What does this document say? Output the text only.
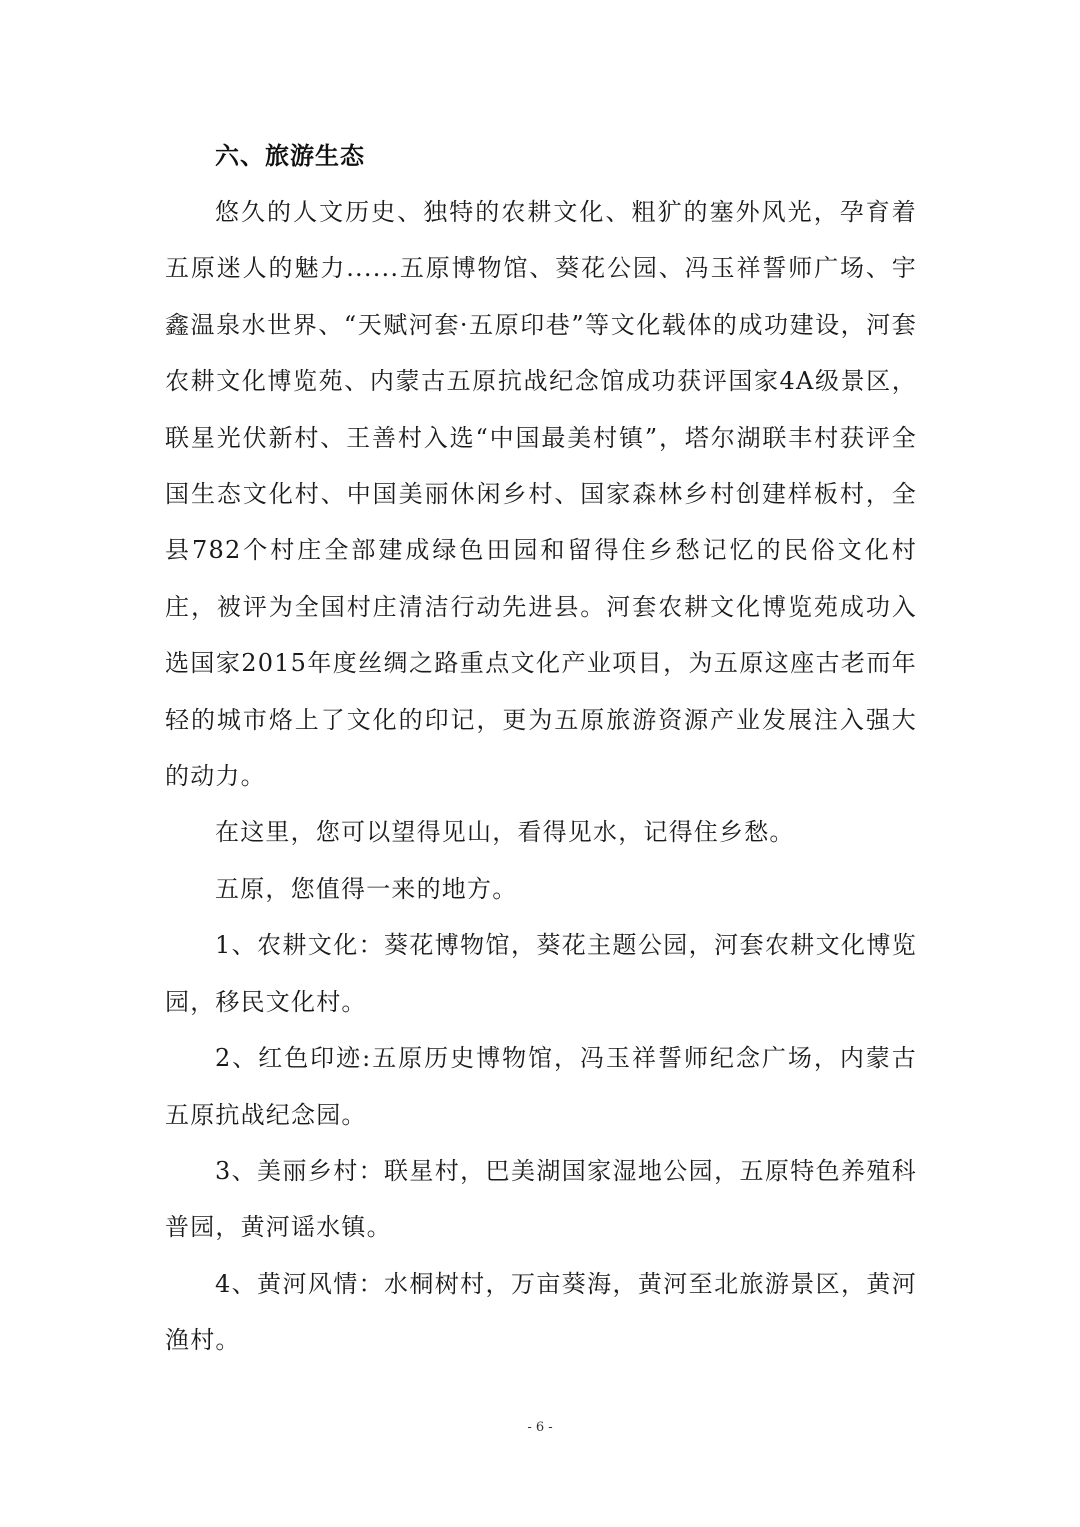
六、旅游生态

悠久的人文历史、独特的农耕文化、粗犷的塞外风光，孕育着五原迷人的魅力......五原博物馆、葵花公园、冯玉祥誓师广场、宇鑫温泉水世界、“天赋河套·五原印巷”等文化载体的成功建设，河套农耕文化博览苑、内蒙古五原抗战纪念馆成功获评国家4A级景区，联星光伏新村、王善村入选“中国最美村镇”，塔尔湖联丰村获评全国生态文化村、中国美丽休闲乡村、国家森林乡村创建样板村，全县782个村庄全部建成绿色田园和留得住乡愁记忆的民俗文化村庄，被评为全国村庄清洁行动先进县。河套农耕文化博览苑成功入选国家2015年度丝绸之路重点文化产业项目，为五原这座古老而年轻的城市烙上了文化的印记，更为五原旅游资源产业发展注入强大的动力。

在这里，您可以望得见山，看得见水，记得住乡愁。

五原，您值得一来的地方。

1、农耕文化：葵花博物馆，葵花主题公园，河套农耕文化博览园，移民文化村。

2、红色印迹:五原历史博物馆，冯玉祥誓师纪念广场，内蒙古五原抗战纪念园。

3、美丽乡村：联星村，巴美湖国家湿地公园，五原特色养殖科普园，黄河谣水镇。

4、黄河风情：水桐树村，万亩葵海，黄河至北旅游景区，黄河渔村。

- 6 -
